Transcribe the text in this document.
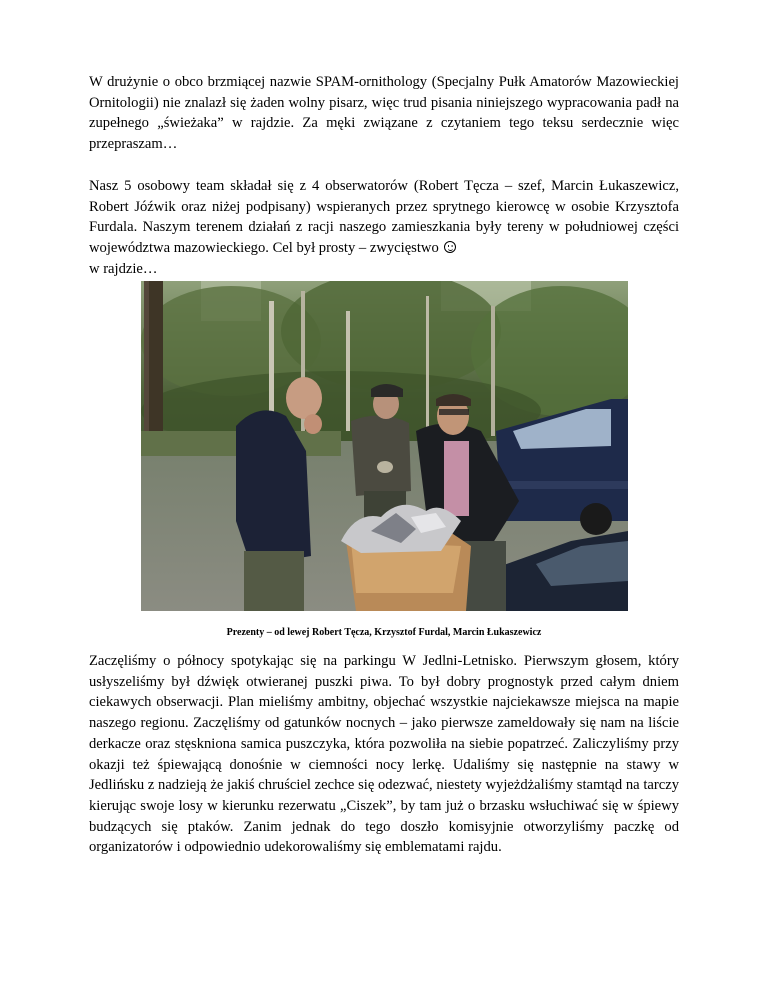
W drużynie o obco brzmiącej nazwie SPAM-ornithology (Specjalny Pułk Amatorów Mazowieckiej Ornitologii) nie znalazł się żaden wolny pisarz, więc trud pisania niniejszego wypracowania padł na zupełnego „świeżaka” w rajdzie. Za męki związane z czytaniem tego teksu serdecznie więc przepraszam…

Nasz 5 osobowy team składał się z 4 obserwatorów (Robert Tęcza – szef, Marcin Łukaszewicz, Robert Jóźwik oraz niżej podpisany) wspieranych przez sprytnego kierowcę w osobie Krzysztofa Furdala. Naszym terenem działań z racji naszego zamieszkania były tereny w południowej części województwa mazowieckiego. Cel był prosty – zwycięstwo
w rajdzie…

Prezenty – od lewej Robert Tęcza, Krzysztof Furdal, Marcin Łukaszewicz

Zaczęliśmy o północy spotykając się na parkingu W Jedlni-Letnisko. Pierwszym głosem, który usłyszeliśmy był dźwięk otwieranej puszki piwa. To był dobry prognostyk przed całym dniem ciekawych obserwacji. Plan mieliśmy ambitny, objechać wszystkie najciekawsze miejsca na mapie naszego regionu. Zaczęliśmy od gatunków nocnych – jako pierwsze zameldowały się nam na liście derkacze oraz stęskniona samica puszczyka, która pozwoliła na siebie popatrzeć. Zaliczyliśmy przy okazji też śpiewającą donośnie w ciemności nocy lerkę. Udaliśmy się następnie na stawy w Jedlińsku z nadzieją że jakiś chruściel zechce się odezwać, niestety wyjeżdżaliśmy stamtąd na tarczy kierując swoje losy w kierunku rezerwatu „Ciszek”, by tam już o brzasku wsłuchiwać się w śpiewy budzących się ptaków. Zanim jednak do tego doszło komisyjnie otworzyliśmy paczkę od organizatorów i odpowiednio udekorowaliśmy się emblematami rajdu.
